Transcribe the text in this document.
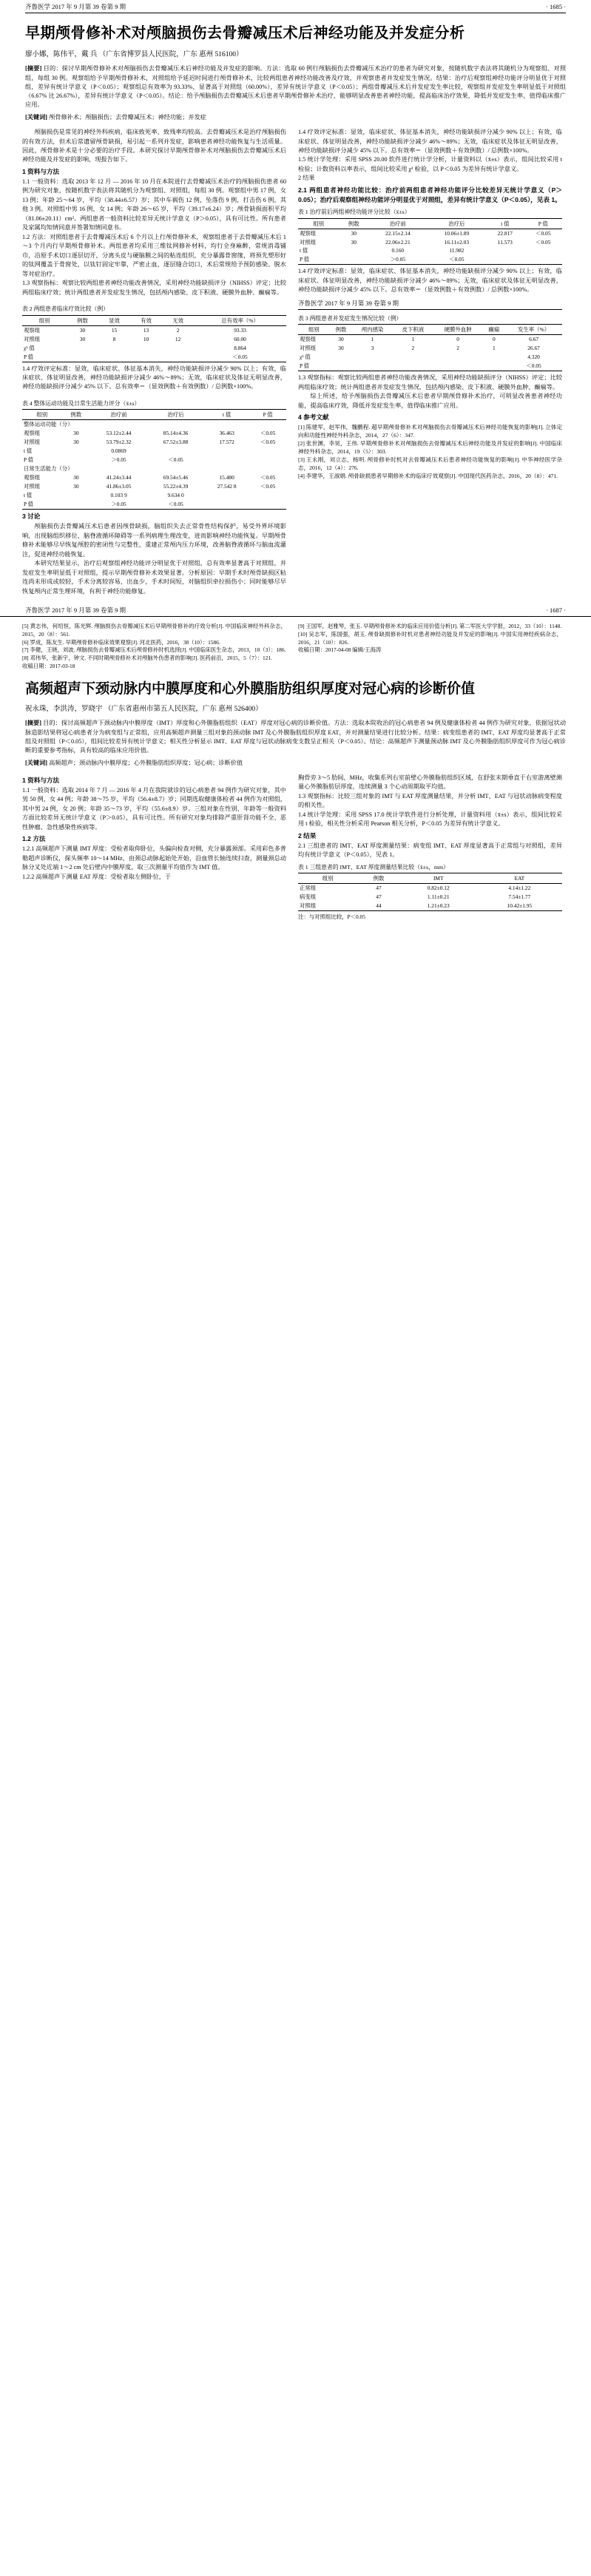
齐鲁医学 2017 年 9 月第 39 卷第 9 期	· 1685 ·
早期颅骨修补术对颅脑损伤去骨瓣减压术后神经功能及并发症分析
廖小娜，陈伟平，戴 兵 （广东省博罗县人民医院，广东 惠州 516100）
[摘要] 目的：探讨早期颅骨修补术对颅脑损伤去骨瓣减压术后神经功能及并发症的影响。方法：选取 60 例行颅脑损伤去骨瓣减压术治疗的患者为研究对象，按随机数字表法将其随机分为观察组、对照组，每组 30 例。观察组给予早期颅骨修补术，对照组给予延迟时间进行颅骨修补术，比较两组患者神经功能改善及疗效，并观察患者并发症发生情况。结果：治疗后观察组神经功能评分明显优于对照组，差异有统计学意义（P＜0.05）；观察组总有效率为 93.33%，显著高于对照组（60.00%），差异有统计学意义（P＜0.05）；两组骨瓣减压术后并发症发生率比较，观察组并发症发生率明显低于对照组（6.67% 比 26.67%），差异有统计学意义（P＜0.05）。结论：给予颅脑损伤去骨瓣减压术后患者早期颅骨修补术治疗，能够明显改善患者神经功能，提高临床治疗效果，降低并发症发生率，值得临床推广应用。
[关键词] 颅骨修补术；颅脑损伤；去骨瓣减压术；神经功能；并发症

颅脑损伤是常见的神经外科疾病，临床致死率、致残率均较高。去骨瓣减压术是治疗颅脑损伤的有效方法，但术后常遗留颅骨缺损，易引起一系列并发症，影响患者神经功能恢复与生活质量。因此，颅骨修补术是十分必要的治疗手段。本研究探讨早期颅骨修补术对颅脑损伤去骨瓣减压术后神经功能及并发症的影响，现报告如下。

1 资料与方法

1.1 一般资料：选取 2013 年 12 月 — 2016 年 10 月在本院进行去骨瓣减压术治疗的颅脑损伤患者 60 例为研究对象，按随机数字表法将其随机分为观察组、对照组，每组 30 例。观察组中男 17 例，女 13 例；年龄 25～64 岁，平均（38.44±6.57）岁；其中车祸伤 12 例，坠落伤 9 例，打击伤 6 例，其他 3 例。对照组中男 16 例，女 14 例；年龄 26～65 岁，平均（39.17±6.24）岁；颅骨缺损面积平均（81.06±20.11）cm²。两组患者一般资料比较差异无统计学意义（P＞0.05），具有可比性。所有患者及家属均知情同意并签署知情同意书。

1.2 方法：对照组患者于去骨瓣减压术后 6 个月以上行颅骨修补术，观察组患者于去骨瓣减压术后 1～3 个月内行早期颅骨修补术。两组患者均采用三维钛网修补材料，均行全身麻醉，常规消毒铺巾，沿原手术切口逐层切开，分离头皮与硬脑膜之间的粘连组织，充分暴露骨窗缘，将预先塑形好的钛网覆盖于骨窗处，以钛钉固定牢靠，严密止血，逐层缝合切口，术后常规给予预防感染、脱水等对症治疗。

1.3 观察指标：观察比较两组患者神经功能改善情况，采用神经功能缺损评分（NIHSS）评定；比较两组临床疗效；统计两组患者并发症发生情况，包括颅内感染、皮下积液、硬膜外血肿、癫痫等。

表 2 两组患者临床疗效比较（例）
组别	例数	显效	有效	无效	总有效率（%）
观察组	30	15	13	2	93.33
对照组	30	8	10	12	60.00
χ² 值					8.864
P 值					＜0.05

1.4 疗效评定标准：显效，临床症状、体征基本消失，神经功能缺损评分减少 90% 以上；有效，临床症状、体征明显改善，神经功能缺损评分减少 46%～89%；无效，临床症状及体征无明显改善，神经功能缺损评分减少 45% 以下。总有效率＝（显效例数＋有效例数）/ 总例数×100%。

表 4 整体运动功能及日常生活能力评分（x̄±s）
组别	例数	治疗前	治疗后	t 值	P 值
整体运动功能（分）					
观察组	30	53.12±2.44	85.14±4.36	36.463	＜0.05
对照组	30	53.79±2.32	67.52±3.88	17.572	＜0.05
t 值		0.0869			
P 值		＞0.05	＜0.05		
日常生活能力（分）					
观察组	30	41.24±3.44	69.54±5.46	15.480	＜0.05
对照组	30	41.86±3.05	55.22±4.39	27.542 8	＜0.05
t 值		0.103 9	9.634 0		
P 值		＞0.05	＜0.05		
3 讨论

颅脑损伤去骨瓣减压术后患者因颅骨缺损，脑组织失去正常骨性结构保护，易受外界环境影响，出现脑组织移位、脑脊液循环障碍等一系列病理生理改变，进而影响神经功能恢复。早期颅骨修补术能够尽早恢复颅腔的密闭性与完整性，重建正常颅内压力环境，改善脑脊液循环与脑血流灌注，促进神经功能恢复。

本研究结果显示，治疗后观察组神经功能评分明显优于对照组，总有效率显著高于对照组，并发症发生率明显低于对照组，提示早期颅骨修补术效果显著。分析原因：早期手术时颅骨缺损区粘连尚未形成或较轻，手术分离较容易，出血少，手术时间短，对脑组织牵拉损伤小；同时能够尽早恢复颅内正常生理环境，有利于神经功能修复。

1.4 疗效评定标准：显效，临床症状、体征基本消失，神经功能缺损评分减少 90% 以上；有效，临床症状、体征明显改善，神经功能缺损评分减少 46%～89%；无效，临床症状及体征无明显改善，神经功能缺损评分减少 45% 以下。总有效率＝（显效例数＋有效例数）/ 总例数×100%。

1.5 统计学处理：采用 SPSS 20.00 软件进行统计学分析，计量资料以（x̄±s）表示，组间比较采用 t 检验；计数资料以率表示，组间比较采用 χ² 检验，以 P＜0.05 为差异有统计学意义。

2 结果

2.1 两组患者神经功能比较：治疗前两组患者神经功能评分比较差异无统计学意义（P＞0.05）；治疗后观察组神经功能评分明显优于对照组，差异有统计学意义（P＜0.05），见表 1。

表 1 治疗前后两组神经功能评分比较（x̄±s）
组别	例数	治疗前	治疗后	t 值	P 值
观察组	30	22.15±2.14	10.06±1.89	22.817	＜0.05
对照组	30	22.06±2.21	16.11±2.03	11.573	＜0.05
t 值		0.160	11.982		
P 值		＞0.05	＜0.05		

1.4 疗效评定标准：显效，临床症状、体征基本消失，神经功能缺损评分减少 90% 以上；有效，临床症状、体征明显改善，神经功能缺损评分减少 46%～89%；无效，临床症状及体征无明显改善，神经功能缺损评分减少 45% 以下。总有效率＝（显效例数＋有效例数）/ 总例数×100%。

齐鲁医学 2017 年 9 月第 39 卷第 9 期
表 3 两组患者并发症发生情况比较（例）
组别	例数	颅内感染	皮下积液	硬膜外血肿	癫痫	发生率（%）
观察组	30	1	1	0	0	6.67
对照组	30	3	2	2	1	26.67
χ² 值						4.320
P 值						＜0.05

1.3 观察指标：观察比较两组患者神经功能改善情况，采用神经功能缺损评分（NIHSS）评定；比较两组临床疗效；统计两组患者并发症发生情况，包括颅内感染、皮下积液、硬膜外血肿、癫痫等。

综上所述，给予颅脑损伤去骨瓣减压术后患者早期颅骨修补术治疗，可明显改善患者神经功能，提高临床疗效，降低并发症发生率，值得临床推广应用。

4 参考文献

[1] 陈建军，赵军伟，魏鹏程. 超早期颅骨修补术对颅脑损伤去骨瓣减压术后神经功能恢复的影响[J]. 立体定向和功能性神经外科杂志，2014，27（6）：347.

[2] 张世渊，李昊，王伟. 早期颅骨修补术对颅脑损伤去骨瓣减压术后神经功能及并发症的影响[J]. 中国临床神经外科杂志，2014，19（5）：303.

[3] 王永刚，刘立志，杨明. 颅骨修补时机对去骨瓣减压术后患者神经功能恢复的影响[J]. 中华神经医学杂志，2016，12（4）：276.

[4] 李建华，王淑娟. 颅骨缺损患者早期修补术的临床疗效观察[J]. 中国现代医药杂志，2016，20（8）：471.

齐鲁医学 2017 年 9 月第 39 卷第 9 期	· 1687 ·

[5] 黄志伟，何绍恒，陈光辉. 颅脑损伤去骨瓣减压术后早期颅骨修补的疗效分析[J]. 中国临床神经外科杂志，2015，20（8）：561.

[6] 罗成，陈友生. 早期颅骨修补临床效果观察[J]. 河北医药，2016，38（10）：1586.

[7] 李健，王晓，刘波. 颅脑损伤去骨瓣减压术后颅骨修补时机选择[J]. 中国临床医生杂志，2013，10（3）：186.

[8] 邓伟华，张新宇，钟文. 不同时期颅骨修补术对颅脑外伤患者的影响[J]. 医药前沿，2015，5（7）：121.

收稿日期：2017-03-18

[9] 王国军，赵雅琴，张玉. 早期颅骨修补术的临床应用价值分析[J]. 第二军医大学学报，2012，33（10）：1148.

[10] 吴志军，陈国强，胡玉. 颅骨缺损修补时机对患者神经功能及并发症的影响[J]. 中国实用神经疾病杂志，2016，21（10）：826.

收稿日期：2017-04-08 编辑/王海涛

高频超声下颈动脉内中膜厚度和心外膜脂肪组织厚度对冠心病的诊断价值
祝永珠，李洪涛，罗晓宇 （广东省惠州市第五人民医院，广东 惠州 526400）
[摘要] 目的：探讨高频超声下颈动脉内中膜厚度（IMT）厚度和心外膜脂肪组织（EAT）厚度对冠心病的诊断价值。方法：选取本院收治的冠心病患者 94 例及健康体检者 44 例作为研究对象，依据冠状动脉造影结果将冠心病患者分为病变组与正常组，应用高频超声测量三组对象的颈动脉 IMT 及心外膜脂肪组织厚度 EAT，并对测量结果进行比较分析。结果：病变组患者的 IMT、EAT 厚度均显著高于正常组及对照组（P＜0.05），组间比较差异有统计学意义；相关性分析显示 IMT、EAT 厚度与冠状动脉病变支数呈正相关（P＜0.05）。结论：高频超声下测量颈动脉 IMT 及心外膜脂肪组织厚度可作为冠心病诊断的重要参考指标，具有较高的临床应用价值。
[关键词] 高频超声；颈动脉内中膜厚度；心外膜脂肪组织厚度；冠心病；诊断价值
1 资料与方法

1.1 一般资料：选取 2014 年 7 月 — 2016 年 4 月在我院就诊的冠心病患者 94 例作为研究对象，其中男 50 例，女 44 例；年龄 38～75 岁，平均（56.4±8.7）岁；同期选取健康体检者 44 例作为对照组，其中男 24 例，女 20 例；年龄 35～73 岁，平均（55.6±8.9）岁。三组对象在性别、年龄等一般资料方面比较差异无统计学意义（P＞0.05），具有可比性。所有研究对象均排除严重肝肾功能不全、恶性肿瘤、急性感染性疾病等。

1.2 方法

1.2.1 高频超声下测量 IMT 厚度：受检者取仰卧位，头偏向检查对侧，充分暴露颈部。采用彩色多普勒超声诊断仪，探头频率 10～14 MHz，由颈总动脉起始处开始，沿血管长轴连续扫查，测量颈总动脉分叉处近端 1～2 cm 处后壁内中膜厚度，取三次测量平均值作为 IMT 值。

1.2.2 高频超声下测量 EAT 厚度：受检者取左侧卧位，于

胸骨旁 3～5 肋间，MHz，收集系列右室前壁心外膜脂肪组织区域，在舒张末期垂直于右室游离壁测量心外膜脂肪层厚度，连续测量 3 个心动周期取平均值。

1.3 观察指标：比较三组对象的 IMT 与 EAT 厚度测量结果，并分析 IMT、EAT 与冠状动脉病变程度的相关性。

1.4 统计学处理：采用 SPSS 17.0 统计学软件进行分析处理，计量资料用（x̄±s）表示，组间比较采用 t 检验，相关性分析采用 Pearson 相关分析，P＜0.05 为差异有统计学意义。

2 结果

2.1 三组患者的 IMT、EAT 厚度测量结果：病变组 IMT、EAT 厚度显著高于正常组与对照组，差异均有统计学意义（P＜0.05），见表 1。

表 1 三组患者的 IMT、EAT 厚度测量结果比较（x̄±s，mm）
组别	例数	IMT	EAT
正常组	47	0.82±0.12	4.14±1.22
病变组	47	1.11±0.21	7.54±1.77
对照组	44	1.21±0.23	10.42±1.95
注：与对照组比较，P＜0.05
